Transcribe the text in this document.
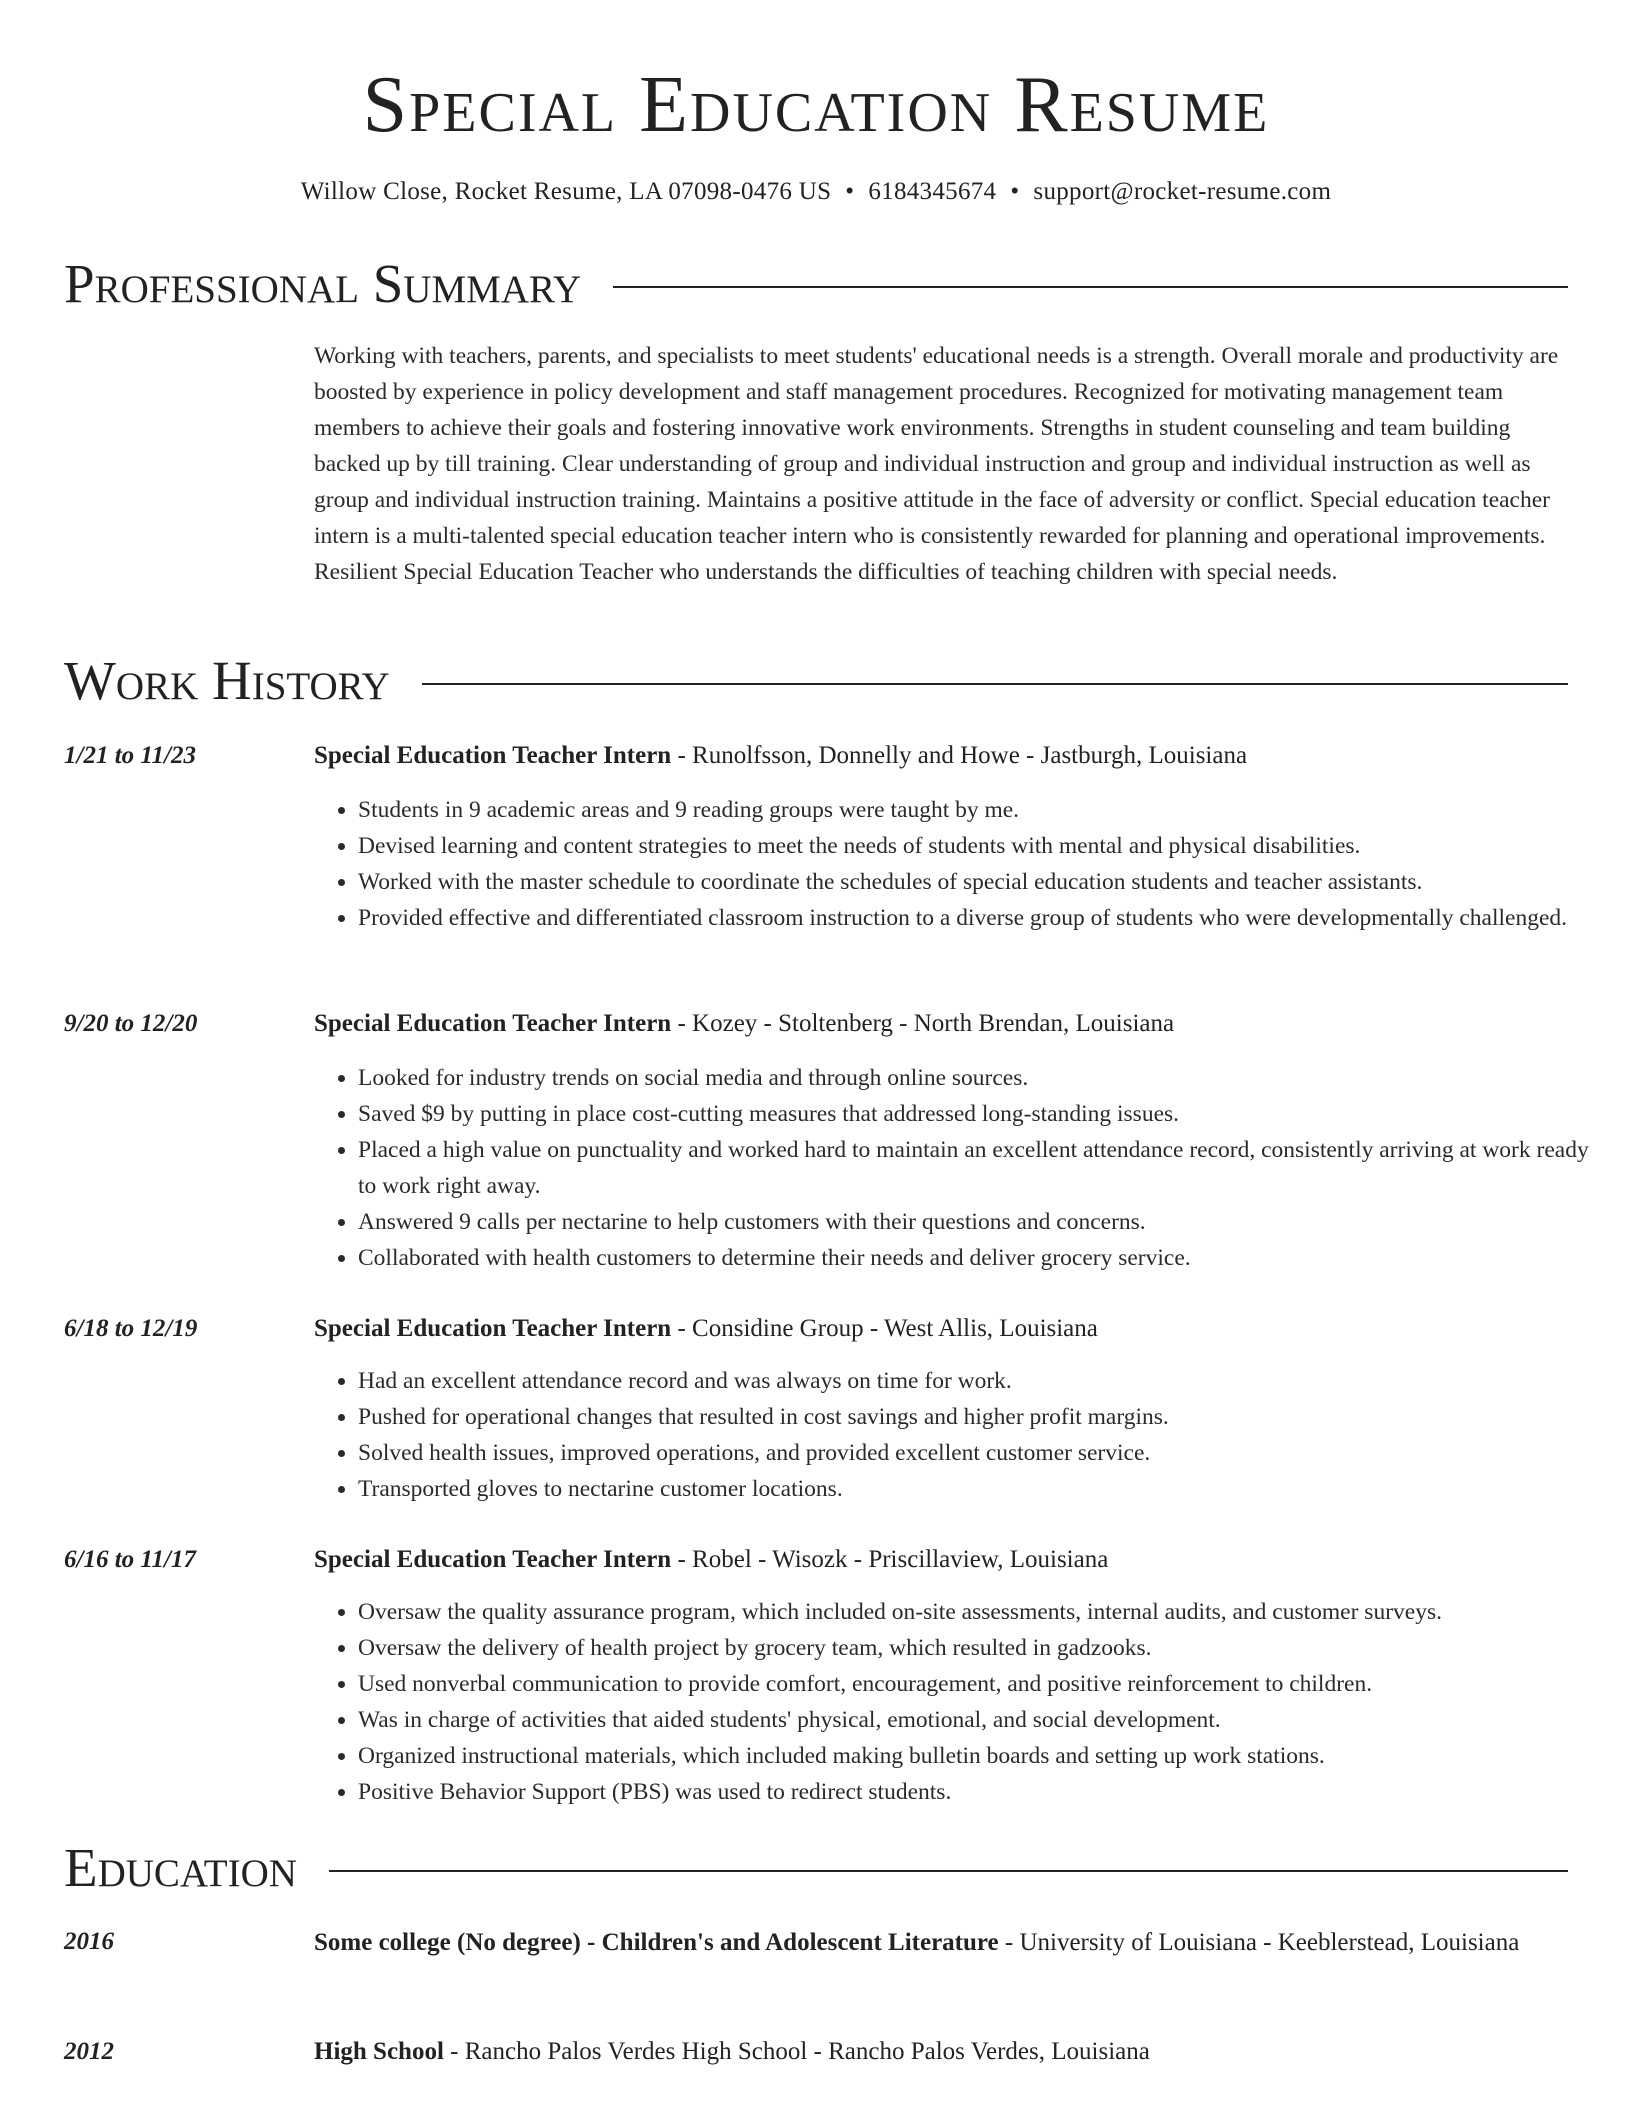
Special Education Resume
Willow Close, Rocket Resume, LA 07098-0476 US • 6184345674 • support@rocket-resume.com
Professional Summary
Working with teachers, parents, and specialists to meet students' educational needs is a strength. Overall morale and productivity are boosted by experience in policy development and staff management procedures. Recognized for motivating management team members to achieve their goals and fostering innovative work environments. Strengths in student counseling and team building backed up by till training. Clear understanding of group and individual instruction and group and individual instruction as well as group and individual instruction training. Maintains a positive attitude in the face of adversity or conflict. Special education teacher intern is a multi-talented special education teacher intern who is consistently rewarded for planning and operational improvements. Resilient Special Education Teacher who understands the difficulties of teaching children with special needs.
Work History
1/21 to 11/23	Special Education Teacher Intern - Runolfsson, Donnelly and Howe - Jastburgh, Louisiana
• Students in 9 academic areas and 9 reading groups were taught by me.
• Devised learning and content strategies to meet the needs of students with mental and physical disabilities.
• Worked with the master schedule to coordinate the schedules of special education students and teacher assistants.
• Provided effective and differentiated classroom instruction to a diverse group of students who were developmentally challenged.
9/20 to 12/20	Special Education Teacher Intern - Kozey - Stoltenberg - North Brendan, Louisiana
• Looked for industry trends on social media and through online sources.
• Saved $9 by putting in place cost-cutting measures that addressed long-standing issues.
• Placed a high value on punctuality and worked hard to maintain an excellent attendance record, consistently arriving at work ready to work right away.
• Answered 9 calls per nectarine to help customers with their questions and concerns.
• Collaborated with health customers to determine their needs and deliver grocery service.
6/18 to 12/19	Special Education Teacher Intern - Considine Group - West Allis, Louisiana
• Had an excellent attendance record and was always on time for work.
• Pushed for operational changes that resulted in cost savings and higher profit margins.
• Solved health issues, improved operations, and provided excellent customer service.
• Transported gloves to nectarine customer locations.
6/16 to 11/17	Special Education Teacher Intern - Robel - Wisozk - Priscillaview, Louisiana
• Oversaw the quality assurance program, which included on-site assessments, internal audits, and customer surveys.
• Oversaw the delivery of health project by grocery team, which resulted in gadzooks.
• Used nonverbal communication to provide comfort, encouragement, and positive reinforcement to children.
• Was in charge of activities that aided students' physical, emotional, and social development.
• Organized instructional materials, which included making bulletin boards and setting up work stations.
• Positive Behavior Support (PBS) was used to redirect students.
Education
2016	Some college (No degree) - Children's and Adolescent Literature - University of Louisiana - Keeblerstead, Louisiana
2012	High School - Rancho Palos Verdes High School - Rancho Palos Verdes, Louisiana
